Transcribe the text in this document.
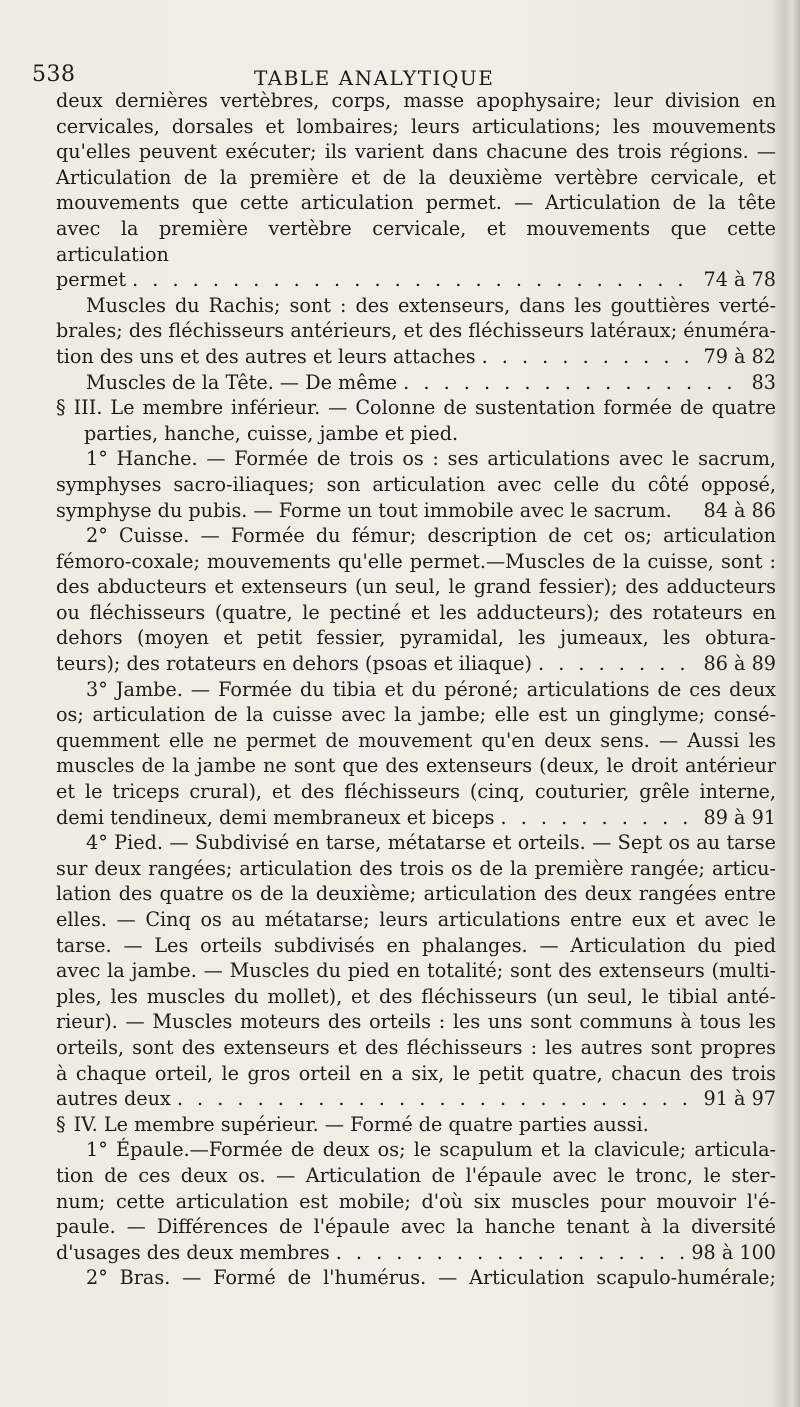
538	TABLE ANALYTIQUE

deux dernières vertèbres, corps, masse apophysaire; leur division en

cervicales, dorsales et lombaires; leurs articulations; les mouvements

qu'elles peuvent exécuter; ils varient dans chacune des trois régions. —

Articulation de la première et de la deuxième vertèbre cervicale, et

mouvements que cette articulation permet. — Articulation de la tête

avec la première vertèbre cervicale, et mouvements que cette articulation

permet . . .	74 à 78

Muscles du Rachis; sont : des extenseurs, dans les gouttières verté-

brales; des fléchisseurs antérieurs, et des fléchisseurs latéraux; énuméra-

tion des uns et des autres et leurs attaches . . .	79 à 82
Muscles de la Tête. — De même . . .	83

§ III. Le membre inférieur. — Colonne de sustentation formée de quatre

parties, hanche, cuisse, jambe et pied.

1° Hanche. — Formée de trois os : ses articulations avec le sacrum,

symphyses sacro-iliaques; son articulation avec celle du côté opposé,

symphyse du pubis. — Forme un tout immobile avec le sacrum. 84 à 86

2° Cuisse. — Formée du fémur; description de cet os; articulation

fémoro-coxale; mouvements qu'elle permet.—Muscles de la cuisse, sont :

des abducteurs et extenseurs (un seul, le grand fessier); des adducteurs

ou fléchisseurs (quatre, le pectiné et les adducteurs); des rotateurs en

dehors (moyen et petit fessier, pyramidal, les jumeaux, les obtura-

teurs); des rotateurs en dehors (psoas et iliaque) . . .	86 à 89

3° Jambe. — Formée du tibia et du péroné; articulations de ces deux

os; articulation de la cuisse avec la jambe; elle est un ginglyme; consé-

quemment elle ne permet de mouvement qu'en deux sens. — Aussi les

muscles de la jambe ne sont que des extenseurs (deux, le droit antérieur

et le triceps crural), et des fléchisseurs (cinq, couturier, grêle interne,

demi tendineux, demi membraneux et biceps . . .	89 à 91

4° Pied. — Subdivisé en tarse, métatarse et orteils. — Sept os au tarse

sur deux rangées; articulation des trois os de la première rangée; articu-

lation des quatre os de la deuxième; articulation des deux rangées entre

elles. — Cinq os au métatarse; leurs articulations entre eux et avec le

tarse. — Les orteils subdivisés en phalanges. — Articulation du pied

avec la jambe. — Muscles du pied en totalité; sont des extenseurs (multi-

ples, les muscles du mollet), et des fléchisseurs (un seul, le tibial anté-

rieur). — Muscles moteurs des orteils : les uns sont communs à tous les

orteils, sont des extenseurs et des fléchisseurs : les autres sont propres

à chaque orteil, le gros orteil en a six, le petit quatre, chacun des trois

autres deux . . .	91 à 97

§ IV. Le membre supérieur. — Formé de quatre parties aussi.

1° Épaule.—Formée de deux os; le scapulum et la clavicule; articula-

tion de ces deux os. — Articulation de l'épaule avec le tronc, le ster-

num; cette articulation est mobile; d'où six muscles pour mouvoir l'é-

paule. — Différences de l'épaule avec la hanche tenant à la diversité

d'usages des deux membres . . .	98 à 100

2° Bras. — Formé de l'humérus. — Articulation scapulo-humérale;
